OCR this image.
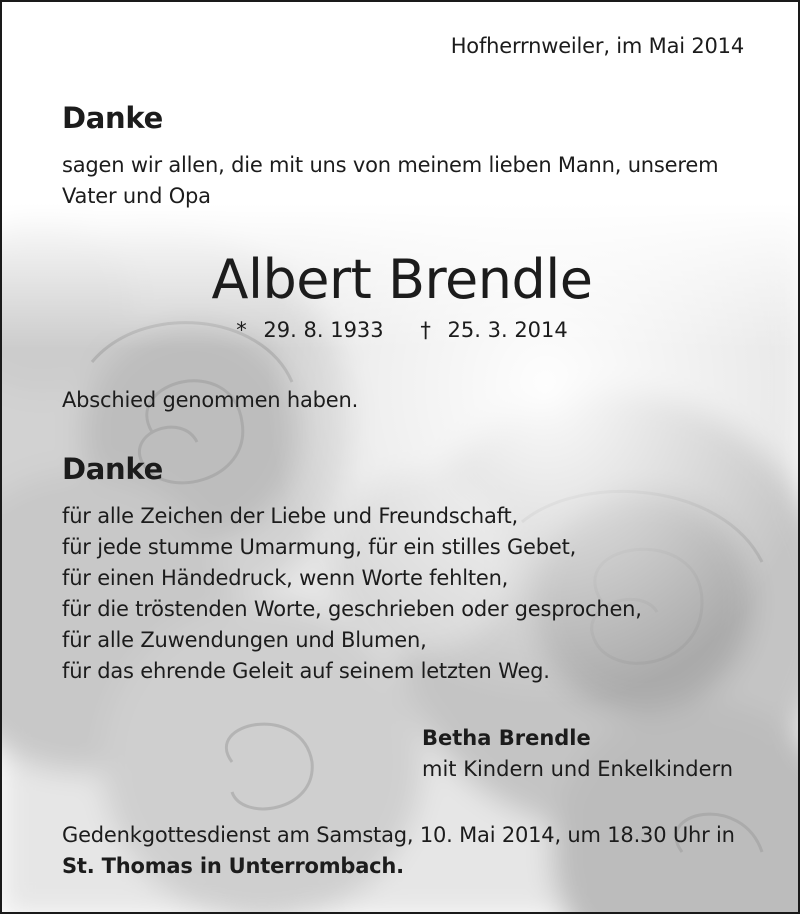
Hofherrnweiler, im Mai 2014
Danke
sagen wir allen, die mit uns von meinem lieben Mann, unserem
Vater und Opa
Albert Brendle
* 29. 8. 1933 † 25. 3. 2014
Abschied genommen haben.
Danke
für alle Zeichen der Liebe und Freundschaft,
für jede stumme Umarmung, für ein stilles Gebet,
für einen Händedruck, wenn Worte fehlten,
für die tröstenden Worte, geschrieben oder gesprochen,
für alle Zuwendungen und Blumen,
für das ehrende Geleit auf seinem letzten Weg.
Betha Brendle
mit Kindern und Enkelkindern
Gedenkgottesdienst am Samstag, 10. Mai 2014, um 18.30 Uhr in
St. Thomas in Unterrombach.
